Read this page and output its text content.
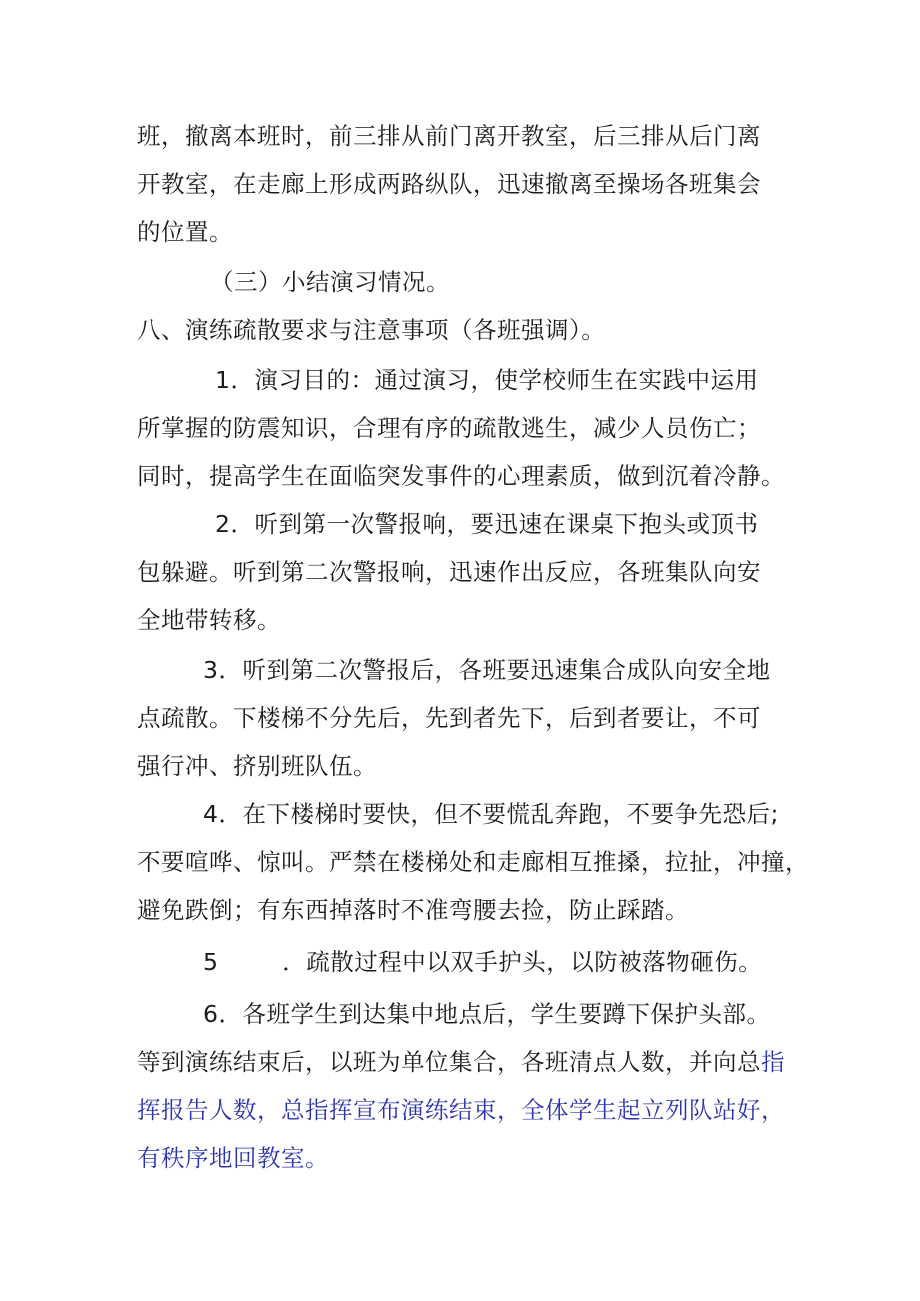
班，撤离本班时，前三排从前门离开教室，后三排从后门离
开教室，在走廊上形成两路纵队，迅速撤离至操场各班集会
的位置。
（三）小结演习情况。
八、演练疏散要求与注意事项（各班强调）。
1．演习目的：通过演习，使学校师生在实践中运用
所掌握的防震知识，合理有序的疏散逃生，减少人员伤亡；
同时，提高学生在面临突发事件的心理素质，做到沉着冷静。
2．听到第一次警报响，要迅速在课桌下抱头或顶书
包躲避。听到第二次警报响，迅速作出反应，各班集队向安
全地带转移。
3．听到第二次警报后，各班要迅速集合成队向安全地
点疏散。下楼梯不分先后，先到者先下，后到者要让，不可
强行冲、挤别班队伍。
4．在下楼梯时要快，但不要慌乱奔跑，不要争先恐后;
不要喧哗、惊叫。严禁在楼梯处和走廊相互推搡，拉扯，冲撞，
避免跌倒；有东西掉落时不准弯腰去捡，防止踩踏。
5        ．疏散过程中以双手护头，以防被落物砸伤。
6．各班学生到达集中地点后，学生要蹲下保护头部。
等到演练结束后，以班为单位集合，各班清点人数，并向总指
挥报告人数，总指挥宣布演练结束，全体学生起立列队站好，
有秩序地回教室。
